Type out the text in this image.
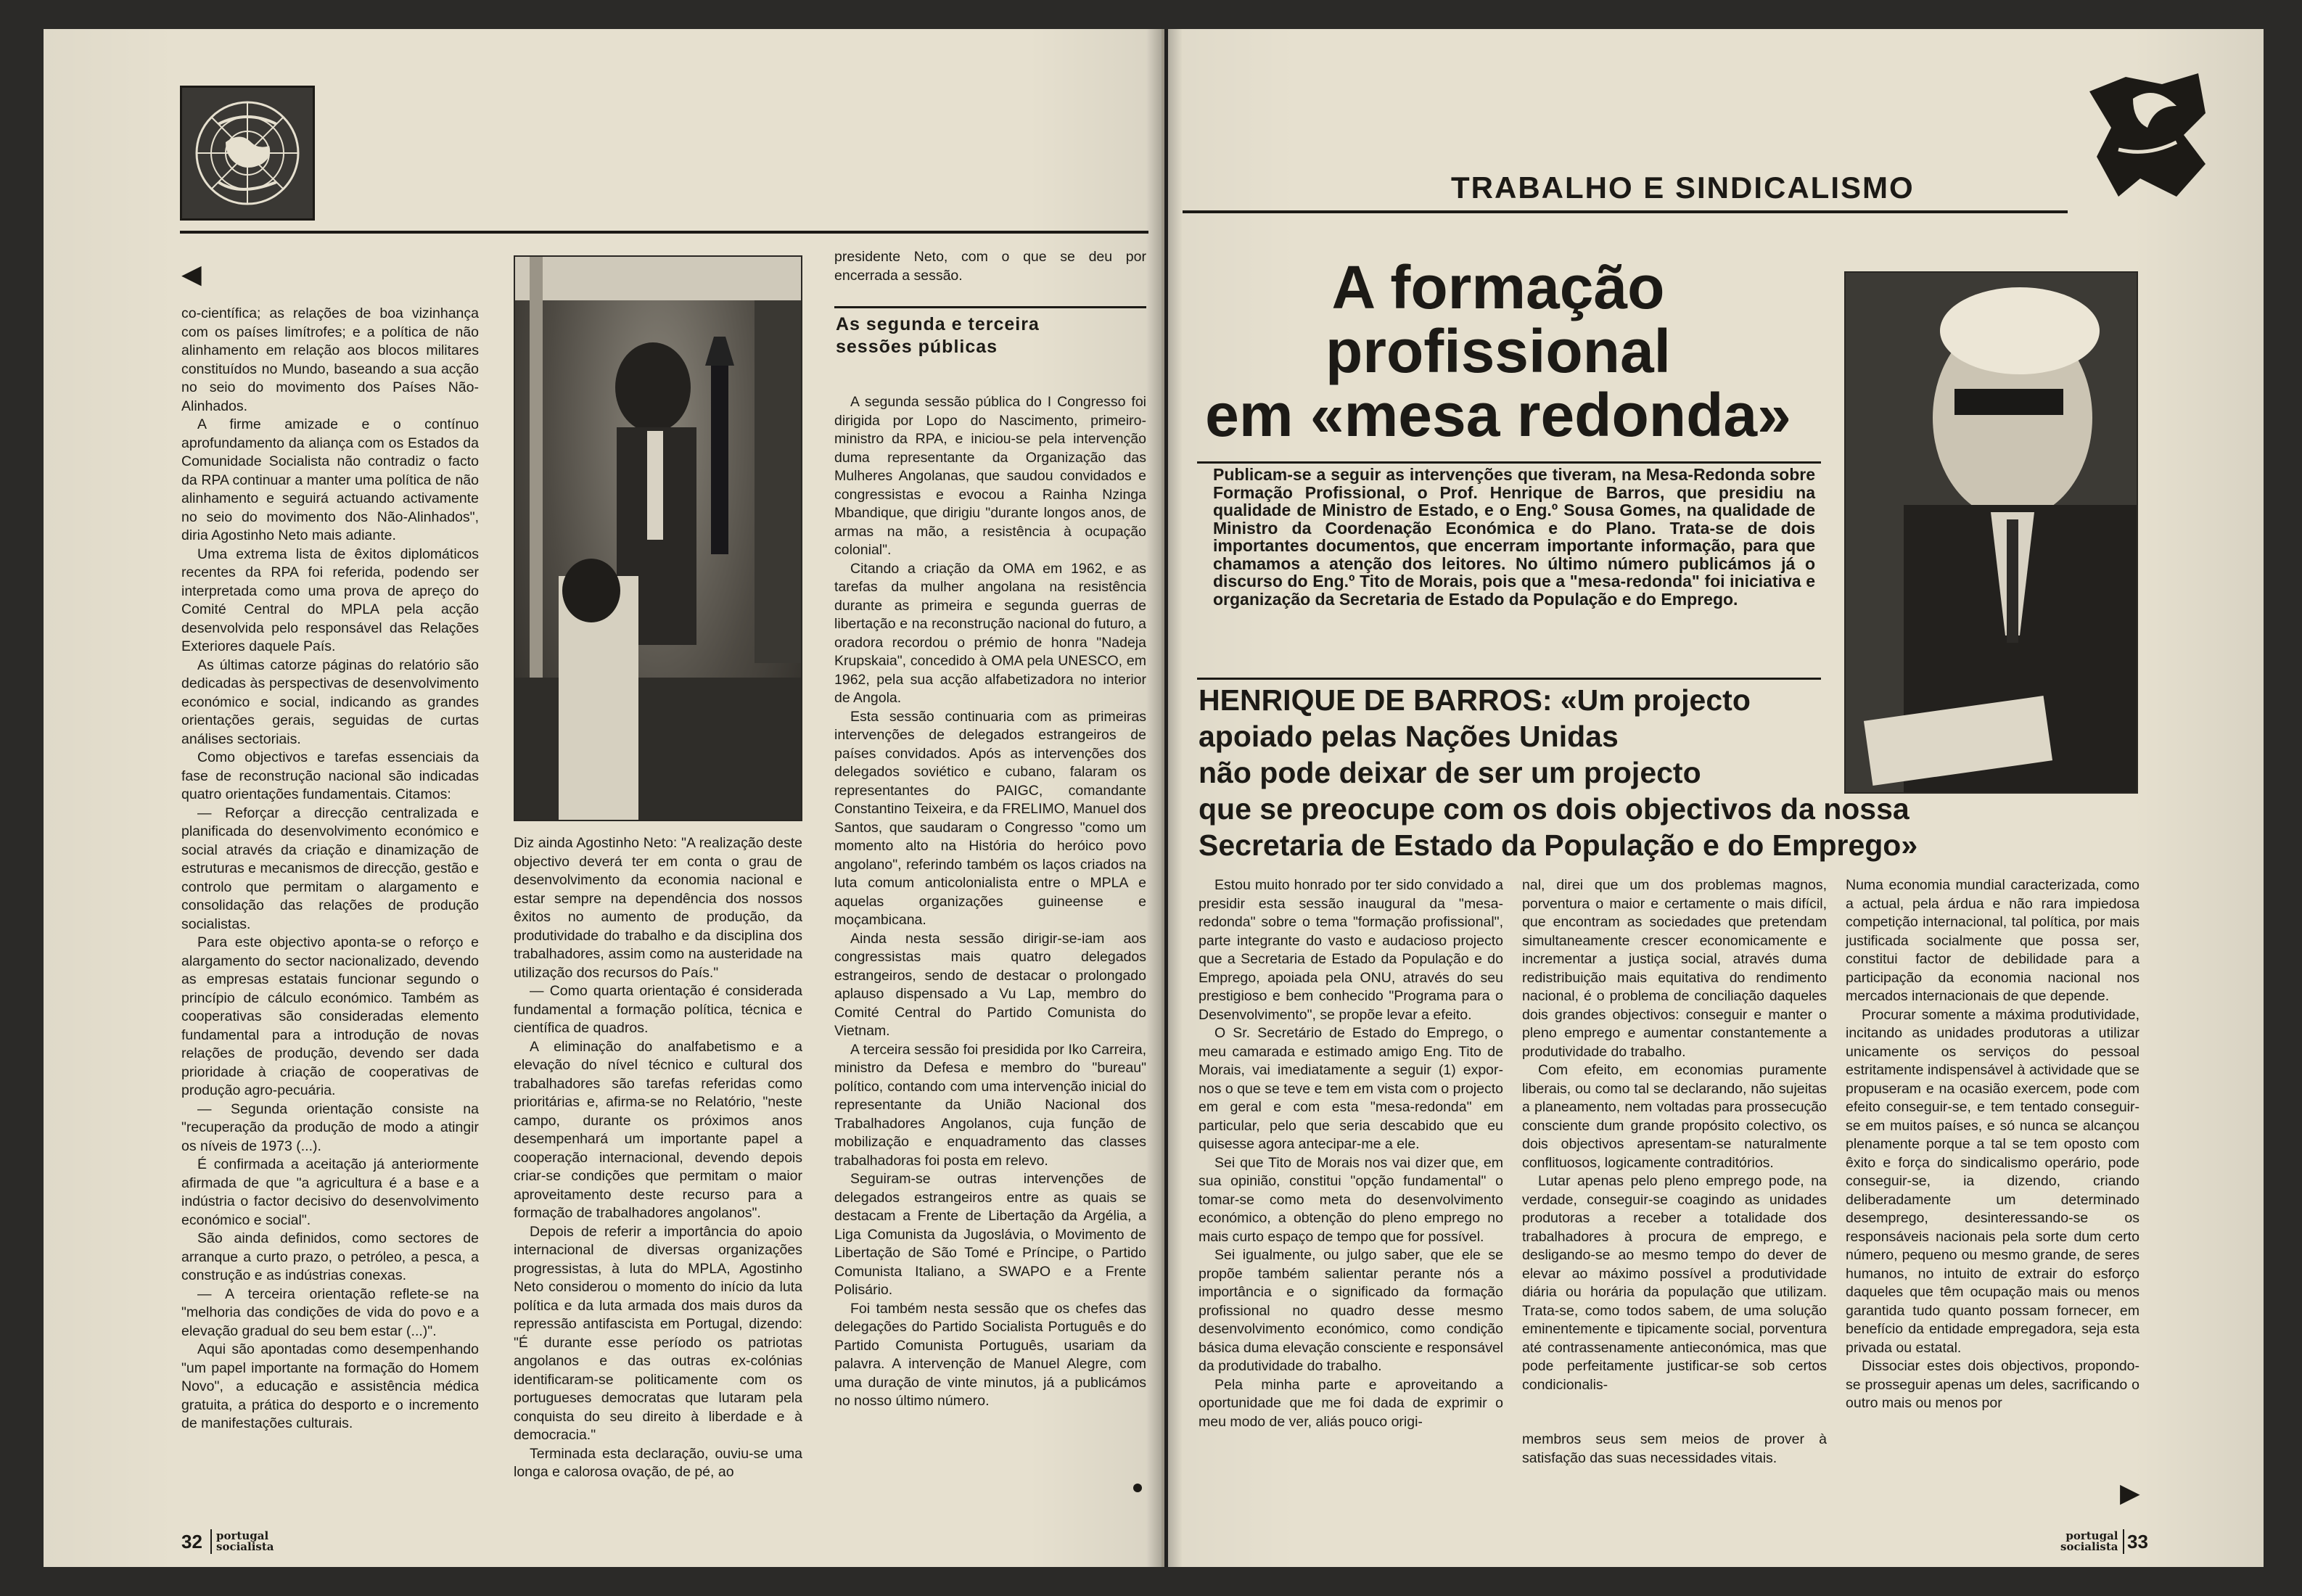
◀

co-científica; as relações de boa vizinhança com os países limítrofes; e a política de não alinhamento em relação aos blocos militares constituídos no Mundo, baseando a sua acção no seio do movimento dos Países Não-Alinhados.

A firme amizade e o contínuo aprofundamento da aliança com os Estados da Comunidade Socialista não contradiz o facto da RPA continuar a manter uma política de não alinhamento e seguirá actuando activamente no seio do movimento dos Não-Alinhados", diria Agostinho Neto mais adiante.

Uma extrema lista de êxitos diplomáticos recentes da RPA foi referida, podendo ser interpretada como uma prova de apreço do Comité Central do MPLA pela acção desenvolvida pelo responsável das Relações Exteriores daquele País.

As últimas catorze páginas do relatório são dedicadas às perspectivas de desenvolvimento económico e social, indicando as grandes orientações gerais, seguidas de curtas análises sectoriais.

Como objectivos e tarefas essenciais da fase de reconstrução nacional são indicadas quatro orientações fundamentais. Citamos:

— Reforçar a direcção centralizada e planificada do desenvolvimento económico e social através da criação e dinamização de estruturas e mecanismos de direcção, gestão e controlo que permitam o alargamento e consolidação das relações de produção socialistas.

Para este objectivo aponta-se o reforço e alargamento do sector nacionalizado, devendo as empresas estatais funcionar segundo o princípio de cálculo económico. Também as cooperativas são consideradas elemento fundamental para a introdução de novas relações de produção, devendo ser dada prioridade à criação de cooperativas de produção agro-pecuária.

— Segunda orientação consiste na "recuperação da produção de modo a atingir os níveis de 1973 (...).

É confirmada a aceitação já anteriormente afirmada de que "a agricultura é a base e a indústria o factor decisivo do desenvolvimento económico e social".

São ainda definidos, como sectores de arranque a curto prazo, o petróleo, a pesca, a construção e as indústrias conexas.

— A terceira orientação reflete-se na "melhoria das condições de vida do povo e a elevação gradual do seu bem estar (...)".

Aqui são apontadas como desempenhando "um papel importante na formação do Homem Novo", a educação e assistência médica gratuita, a prática do desporto e o incremento de manifestações culturais.

Diz ainda Agostinho Neto: "A realização deste objectivo deverá ter em conta o grau de desenvolvimento da economia nacional e estar sempre na dependência dos nossos êxitos no aumento de produção, da produtividade do trabalho e da disciplina dos trabalhadores, assim como na austeridade na utilização dos recursos do País."

— Como quarta orientação é considerada fundamental a formação política, técnica e científica de quadros.

A eliminação do analfabetismo e a elevação do nível técnico e cultural dos trabalhadores são tarefas referidas como prioritárias e, afirma-se no Relatório, "neste campo, durante os próximos anos desempenhará um importante papel a cooperação internacional, devendo depois criar-se condições que permitam o maior aproveitamento deste recurso para a formação de trabalhadores angolanos".

Depois de referir a importância do apoio internacional de diversas organizações progressistas, à luta do MPLA, Agostinho Neto considerou o momento do início da luta política e da luta armada dos mais duros da repressão antifascista em Portugal, dizendo: "É durante esse período os patriotas angolanos e das outras ex-colónias identificaram-se politicamente com os portugueses democratas que lutaram pela conquista do seu direito à liberdade e à democracia."

Terminada esta declaração, ouviu-se uma longa e calorosa ovação, de pé, ao

presidente Neto, com o que se deu por encerrada a sessão.

As segunda e terceira sessões públicas

A segunda sessão pública do I Congresso foi dirigida por Lopo do Nascimento, primeiro-ministro da RPA, e iniciou-se pela intervenção duma representante da Organização das Mulheres Angolanas, que saudou convidados e congressistas e evocou a Rainha Nzinga Mbandique, que dirigiu "durante longos anos, de armas na mão, a resistência à ocupação colonial".

Citando a criação da OMA em 1962, e as tarefas da mulher angolana na resistência durante as primeira e segunda guerras de libertação e na reconstrução nacional do futuro, a oradora recordou o prémio de honra "Nadeja Krupskaia", concedido à OMA pela UNESCO, em 1962, pela sua acção alfabetizadora no interior de Angola.

Esta sessão continuaria com as primeiras intervenções de delegados estrangeiros de países convidados. Após as intervenções dos delegados soviético e cubano, falaram os representantes do PAIGC, comandante Constantino Teixeira, e da FRELIMO, Manuel dos Santos, que saudaram o Congresso "como um momento alto na História do heróico povo angolano", referindo também os laços criados na luta comum anticolonialista entre o MPLA e aquelas organizações guineense e moçambicana.

Ainda nesta sessão dirigir-se-iam aos congressistas mais quatro delegados estrangeiros, sendo de destacar o prolongado aplauso dispensado a Vu Lap, membro do Comité Central do Partido Comunista do Vietnam.

A terceira sessão foi presidida por Iko Carreira, ministro da Defesa e membro do "bureau" político, contando com uma intervenção inicial do representante da União Nacional dos Trabalhadores Angolanos, cuja função de mobilização e enquadramento das classes trabalhadoras foi posta em relevo.

Seguiram-se outras intervenções de delegados estrangeiros entre as quais se destacam a Frente de Libertação da Argélia, a Liga Comunista da Jugoslávia, o Movimento de Libertação de São Tomé e Príncipe, o Partido Comunista Italiano, a SWAPO e a Frente Polisário.

Foi também nesta sessão que os chefes das delegações do Partido Socialista Português e do Partido Comunista Português, usariam da palavra. A intervenção de Manuel Alegre, com uma duração de vinte minutos, já a publicámos no nosso último número.

32 portugal
socialista
TRABALHO E SINDICALISMO
A formação
profissional
em «mesa redonda»
Publicam-se a seguir as intervenções que tiveram, na Mesa-Redonda sobre Formação Profissional, o Prof. Henrique de Barros, que presidiu na qualidade de Ministro de Estado, e o Eng.º Sousa Gomes, na qualidade de Ministro da Coordenação Económica e do Plano. Trata-se de dois importantes documentos, que encerram importante informação, para que chamamos a atenção dos leitores. No último número publicámos já o discurso do Eng.º Tito de Morais, pois que a "mesa-redonda" foi iniciativa e organização da Secretaria de Estado da População e do Emprego.
HENRIQUE DE BARROS: «Um projecto
apoiado pelas Nações Unidas
não pode deixar de ser um projecto
que se preocupe com os dois objectivos da nossa
Secretaria de Estado da População e do Emprego»

Estou muito honrado por ter sido convidado a presidir esta sessão inaugural da "mesa-redonda" sobre o tema "formação profissional", parte integrante do vasto e audacioso projecto que a Secretaria de Estado da População e do Emprego, apoiada pela ONU, através do seu prestigioso e bem conhecido "Programa para o Desenvolvimento", se propõe levar a efeito.

O Sr. Secretário de Estado do Emprego, o meu camarada e estimado amigo Eng. Tito de Morais, vai imediatamente a seguir (1) expor-nos o que se teve e tem em vista com o projecto em geral e com esta "mesa-redonda" em particular, pelo que seria descabido que eu quisesse agora antecipar-me a ele.

Sei que Tito de Morais nos vai dizer que, em sua opinião, constitui "opção fundamental" o tomar-se como meta do desenvolvimento económico, a obtenção do pleno emprego no mais curto espaço de tempo que for possível.

Sei igualmente, ou julgo saber, que ele se propõe também salientar perante nós a importância e o significado da formação profissional no quadro desse mesmo desenvolvimento económico, como condição básica duma elevação consciente e responsável da produtividade do trabalho.

Pela minha parte e aproveitando a oportunidade que me foi dada de exprimir o meu modo de ver, aliás pouco origi-

nal, direi que um dos problemas magnos, porventura o maior e certamente o mais difícil, que encontram as sociedades que pretendam simultaneamente crescer economicamente e incrementar a justiça social, através duma redistribuição mais equitativa do rendimento nacional, é o problema de conciliação daqueles dois grandes objectivos: conseguir e manter o pleno emprego e aumentar constantemente a produtividade do trabalho.

Com efeito, em economias puramente liberais, ou como tal se declarando, não sujeitas a planeamento, nem voltadas para prossecução consciente dum grande propósito colectivo, os dois objectivos apresentam-se naturalmente conflituosos, logicamente contraditórios.

Lutar apenas pelo pleno emprego pode, na verdade, conseguir-se coagindo as unidades produtoras a receber a totalidade dos trabalhadores à procura de emprego, e desligando-se ao mesmo tempo do dever de elevar ao máximo possível a produtividade diária ou horária da população que utilizam. Trata-se, como todos sabem, de uma solução eminentemente e tipicamente social, porventura até contrassenamente antieconómica, mas que pode perfeitamente justificar-se sob certos condicionalis-

membros seus sem meios de prover à satisfação das suas necessidades vitais.

Numa economia mundial caracterizada, como a actual, pela árdua e não rara impiedosa competição internacional, tal política, por mais justificada socialmente que possa ser, constitui factor de debilidade para a participação da economia nacional nos mercados internacionais de que depende.

Procurar somente a máxima produtividade, incitando as unidades produtoras a utilizar unicamente os serviços do pessoal estritamente indispensável à actividade que se propuseram e na ocasião exercem, pode com efeito conseguir-se, e tem tentado conseguir-se em muitos países, e só nunca se alcançou plenamente porque a tal se tem oposto com êxito e força do sindicalismo operário, pode conseguir-se, ia dizendo, criando deliberadamente um determinado desemprego, desinteressando-se os responsáveis nacionais pela sorte dum certo número, pequeno ou mesmo grande, de seres humanos, no intuito de extrair do esforço daqueles que têm ocupação mais ou menos garantida tudo quanto possam fornecer, em benefício da entidade empregadora, seja esta privada ou estatal.

Dissociar estes dois objectivos, propondo-se prosseguir apenas um deles, sacrificando o outro mais ou menos por

▶
portugal
socialista 33
